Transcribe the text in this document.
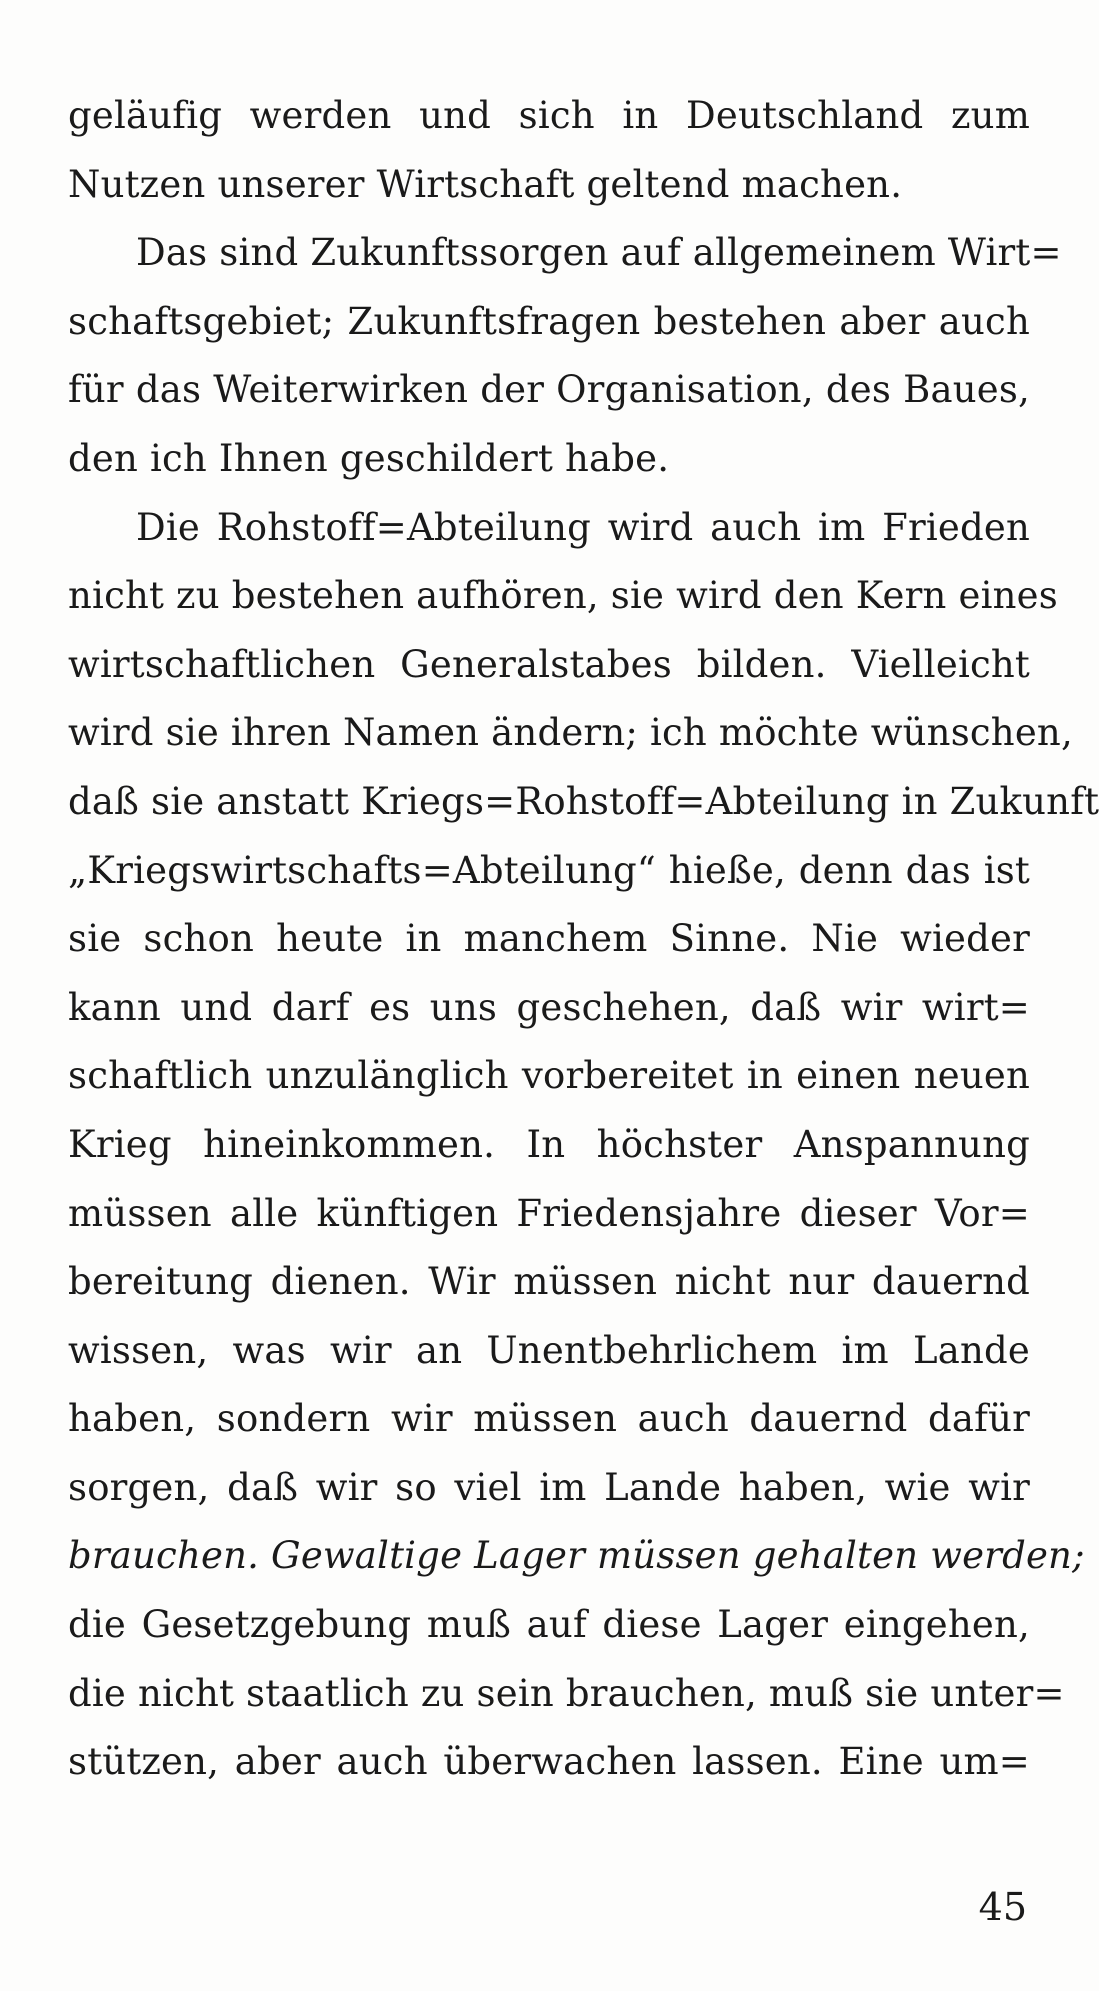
geläufig werden und sich in Deutschland zum
Nutzen unserer Wirtschaft geltend machen.
Das sind Zukunftssorgen auf allgemeinem Wirt=
schaftsgebiet; Zukunftsfragen bestehen aber auch
für das Weiterwirken der Organisation, des Baues,
den ich Ihnen geschildert habe.
Die Rohstoff=Abteilung wird auch im Frieden
nicht zu bestehen aufhören, sie wird den Kern eines
wirtschaftlichen Generalstabes bilden. Vielleicht
wird sie ihren Namen ändern; ich möchte wünschen,
daß sie anstatt Kriegs=Rohstoff=Abteilung in Zukunft
„Kriegswirtschafts=Abteilung“ hieße, denn das ist
sie schon heute in manchem Sinne. Nie wieder
kann und darf es uns geschehen, daß wir wirt=
schaftlich unzulänglich vorbereitet in einen neuen
Krieg hineinkommen. In höchster Anspannung
müssen alle künftigen Friedensjahre dieser Vor=
bereitung dienen. Wir müssen nicht nur dauernd
wissen, was wir an Unentbehrlichem im Lande
haben, sondern wir müssen auch dauernd dafür
sorgen, daß wir so viel im Lande haben, wie wir
brauchen. Gewaltige Lager müssen gehalten werden;
die Gesetzgebung muß auf diese Lager eingehen,
die nicht staatlich zu sein brauchen, muß sie unter=
stützen, aber auch überwachen lassen. Eine um=
45
